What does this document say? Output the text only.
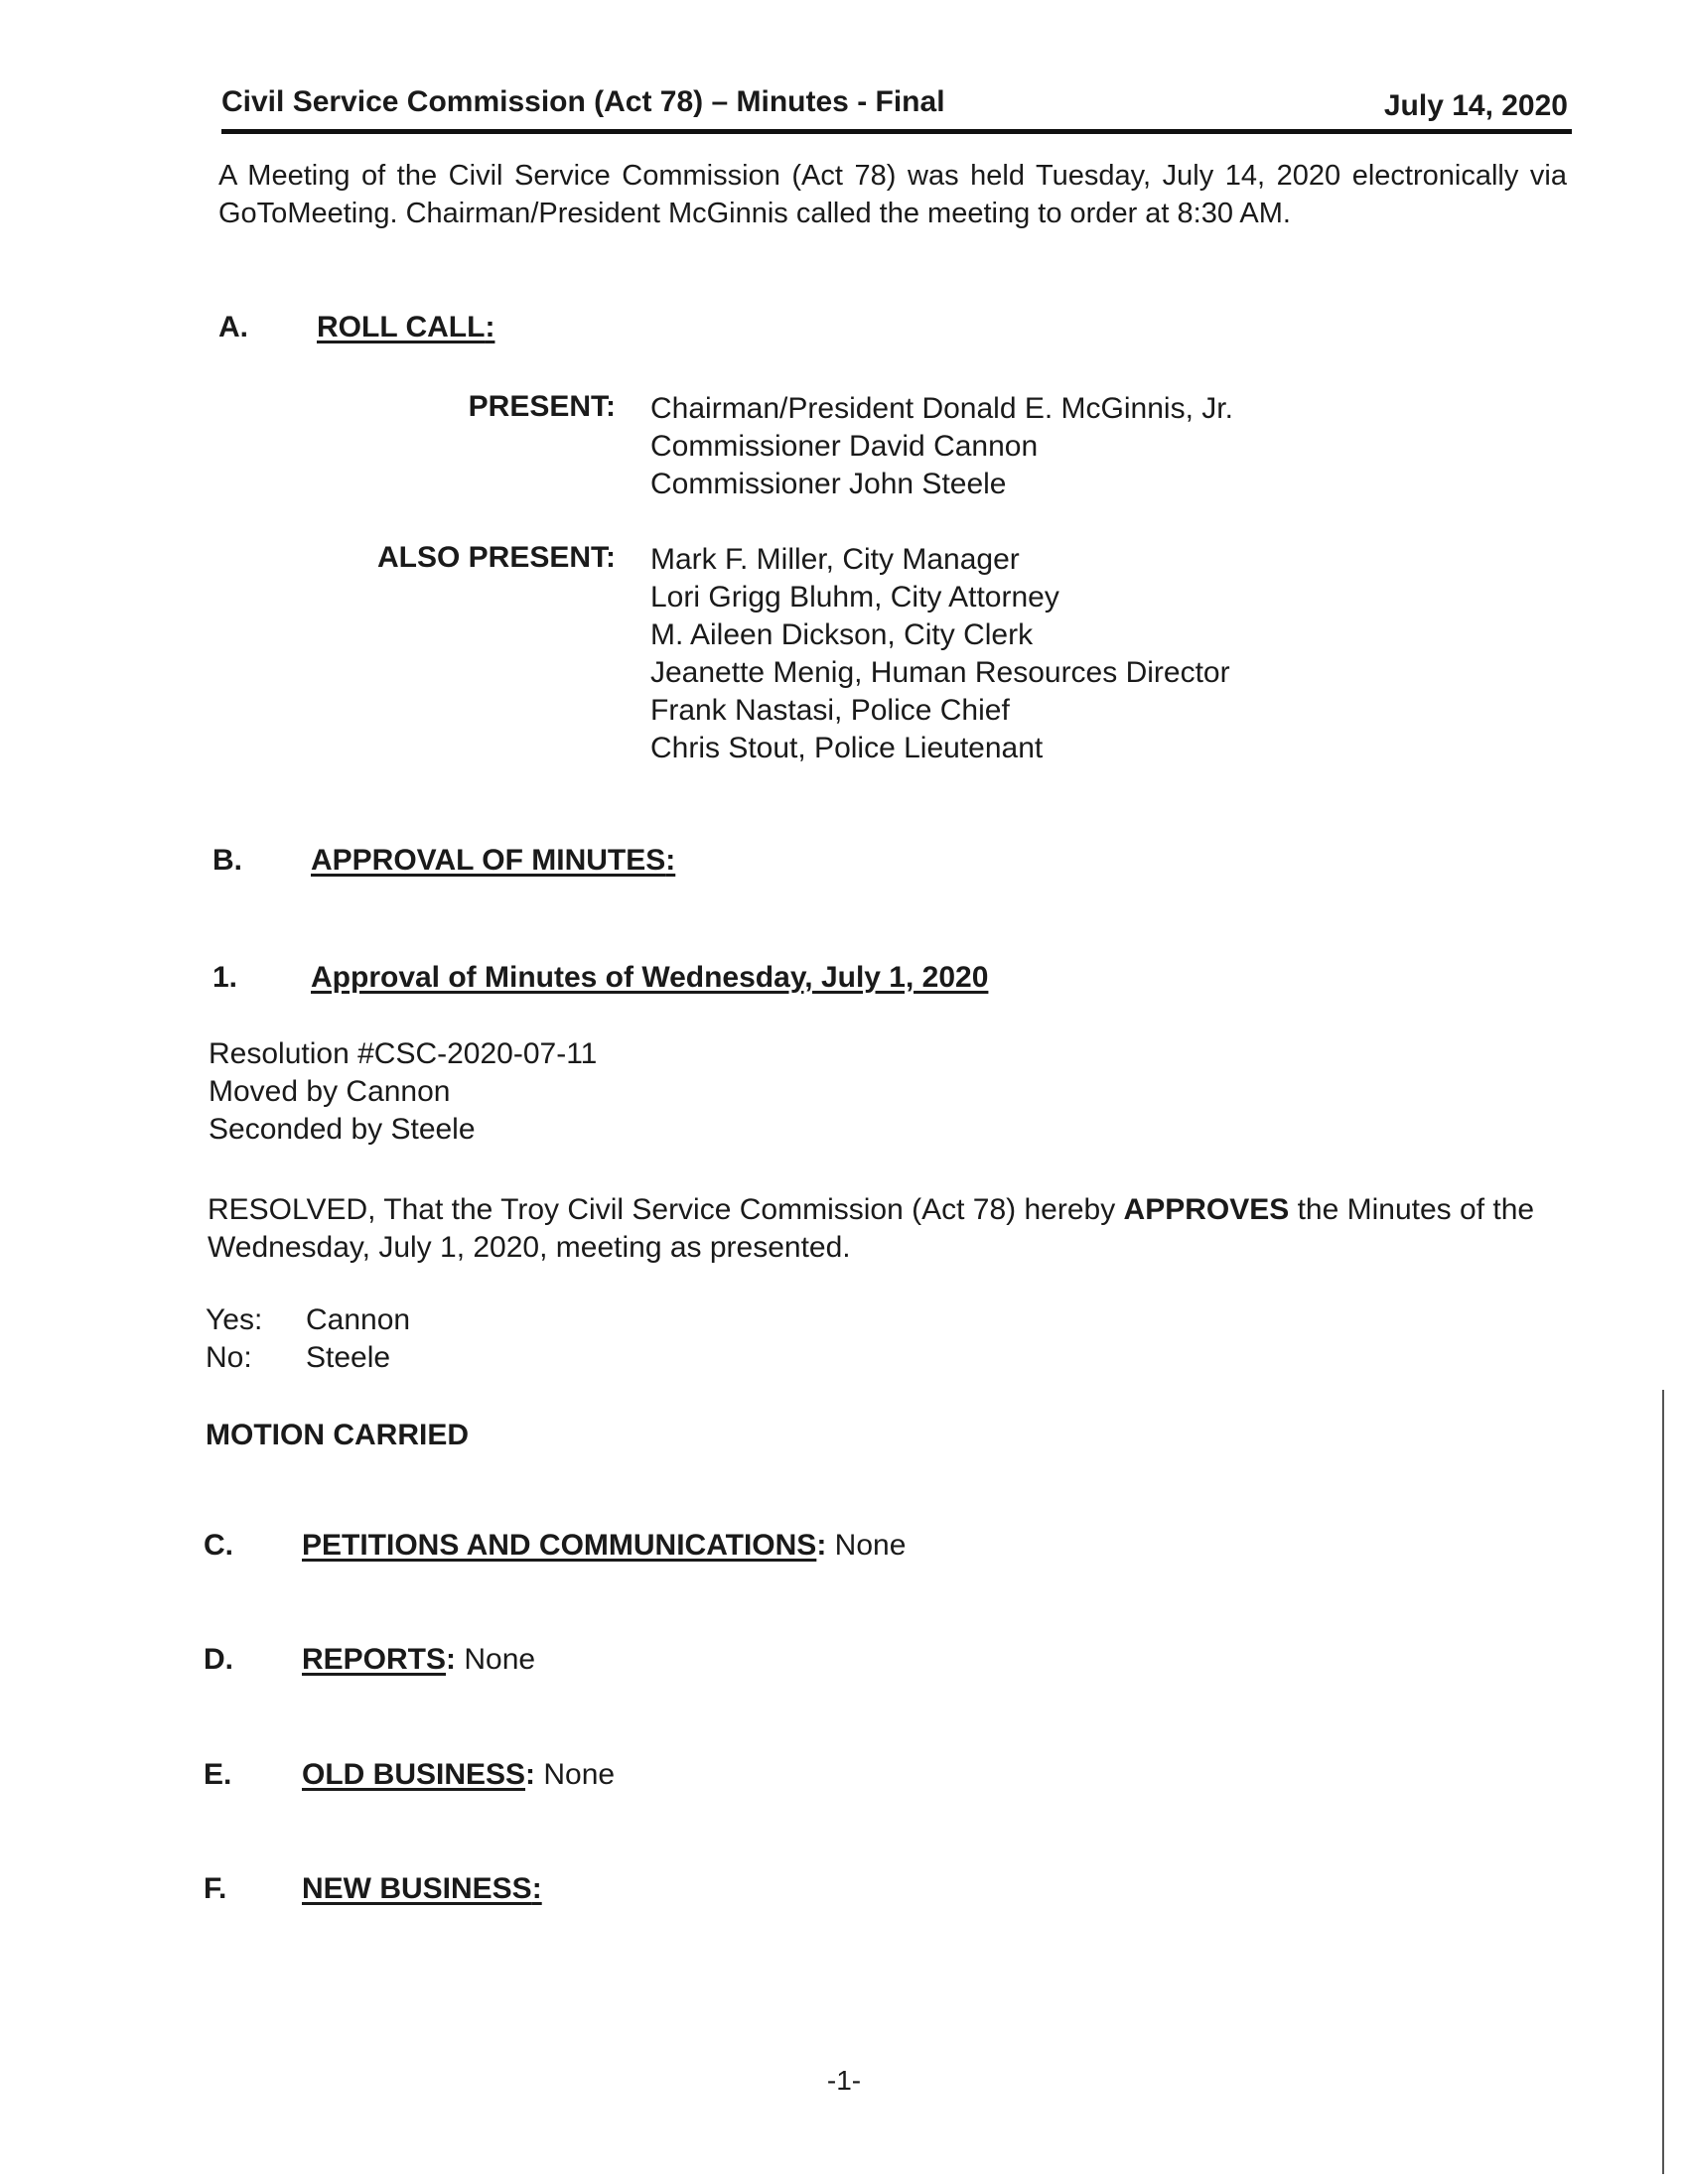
Civil Service Commission (Act 78) – Minutes - Final	July 14, 2020
A Meeting of the Civil Service Commission (Act 78) was held Tuesday, July 14, 2020 electronically via GoToMeeting. Chairman/President McGinnis called the meeting to order at 8:30 AM.
A. ROLL CALL:
PRESENT: Chairman/President Donald E. McGinnis, Jr.
Commissioner David Cannon
Commissioner John Steele
ALSO PRESENT: Mark F. Miller, City Manager
Lori Grigg Bluhm, City Attorney
M. Aileen Dickson, City Clerk
Jeanette Menig, Human Resources Director
Frank Nastasi, Police Chief
Chris Stout, Police Lieutenant
B. APPROVAL OF MINUTES:
1. Approval of Minutes of Wednesday, July 1, 2020
Resolution #CSC-2020-07-11
Moved by Cannon
Seconded by Steele
RESOLVED, That the Troy Civil Service Commission (Act 78) hereby APPROVES the Minutes of the Wednesday, July 1, 2020, meeting as presented.
Yes: Cannon
No: Steele
MOTION CARRIED
C. PETITIONS AND COMMUNICATIONS: None
D. REPORTS: None
E. OLD BUSINESS: None
F.	NEW BUSINESS:
-1-
